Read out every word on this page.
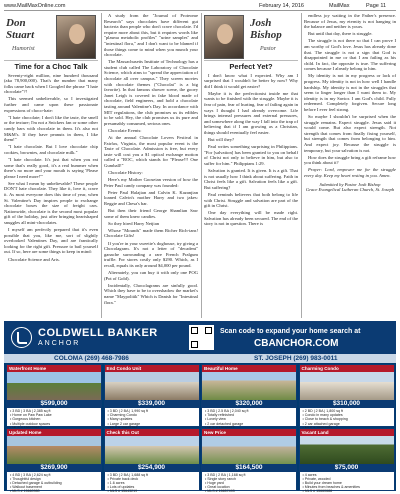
www.MailMaxOnline.com	February 14, 2016	MailMax	Page 11
Don Stuart
Humorist
Time for a Choc Talk

Seventy-eight million, nine hundred thousand (aka 78,900,000). That's the number that many folks came back when I Googled the phrase "I hate chocolate"?!

This seemed unbelievable, so I investigated further and came upon these passionate expressions of choco-hate:

"I hate chocolate; I don't like the taste, the smell or the texture; I'm not a Snickers fan or some other candy bars with chocolate in them. It's also not M&M's. If they have peanuts in them, I like them!"

"I hate chocolate. But I love chocolate chip cookies, brownies, and chocolate milk."

"I hate chocolate. It's just that when you eat some that's really good, it's a real bummer when there's no more and your mouth is saying 'Please please I need more!'"

See what I mean by unbelievable? These people DON'T hate chocolate. They like it, love it, crave it. As most everyone does this time of year, when St. Valentine's Day inspires people to exchange chocolate boxes the size of freight cars. Nationwide, chocolate is the second most popular gift of the holiday, just after bringing heartshaped snuggles all mini-chocolates.

I myself am perfectly prepared that it's even possible that you, like me, sort of slightly overlooked Valentines Day, and are frantically looking for the right gift. Pressure to bail yourself out. If so, here are some things to keep in mind:

Chocolate Science and Arts.

A study from the "Journal of Proteome Research" says chocolates have different gut bacteria than people who don't crave chocolate. I'd require more about this, but it requires words like "plasma metabolic profiles" "urine samples" and "intestinal flora," and I don't want to be blamed if those things come to mind when you munch your chocolate.

The Massachusetts Institute of Technology has a student club called The Laboratory of Chocolate Science, which aims to "spread the appreciation of chocolate all over campus." They screen movies with chocolate themes ("Chocolat" is a big favorite). In that famous shower scene, the gooey Janet Leigh is covered in fake blood made of chocolate, field engineers, and hold a chocolate tasting around Valentine's Day. In accordance with MIT regulations, the club promises us its edibles to be sold. Hey, the club promises us its pure and presumably consumed, serious ones.

Chocolate Events:

At the annual Chocolate Lovers Festival in Fairfax, Virginia, the most popular event is the Taste of Chocolate. Admission is free, but every taste will cost you a $1 optical exchange motion called a "ROC, which stands for "Please!!! One Gumball!"

Chocolate History:

Here's my Mother Gooseian version of how the Peter Paul candy company was founded:

Peter Paul Halajian and Calvin K. Kazanjian loaned Calvin's mother Harry and two jakes: Reggie and Chesa's bar.

But then their friend George Shamlian Saw some of them knew candies.

So they hired Harry Netjian

Whose "Mounds" made them Richer Rich-ians! Chocolate Gifts!

If you're in your sweetie's doghouse, try giving a Chocolagram. It's not a letter of "decadent" ganache surrounding a rare French Pralgum truffle. For stores costly only $290. Which, as I recall, equals its only around $4,000 per pound.

Alternately, you can buy it with only one POG (Pot of Gold).

Incidentally, Chocolagrams are sinfully good. Which they have to be to overshadow the market's name "Maypolitik" Which is Danish for "Intestinal flora."

Josh Bishop
Pastor
Perfect Yet?

I don't know what I expected. Why am I surprised that I wouldn't be better by now? Why did I think it would get easier?

Maybe it is the perfectionist inside me that wants to be finished with the struggle. Maybe it is fear of pain, fear of hurting, fear of failing again in ways I thought I had already overcome. Life brings internal pressures and external pressures, and somewhere along the way I fall into the trap of believing that if I am growing as a Christian, things should eventually feel easier.

But will they?

Paul writes something surprising in Philippians. "For [salvation] has been granted to you on behalf of Christ not only to believe in him, but also to suffer for him." Philippians 1:29.

Salvation is granted. It is given. It is a gift. That is not usually how I think about suffering. Faith in Christ feels like a gift. Salvation feels like a gift. But suffering?

Paul reminds believers that both belong to life with Christ. Struggle and salvation are part of the gift in Christ.

One day everything will be made right. Salvation has already been secured. The end of the story is not in question. There is

endless joy waiting in the Father's presence. Because of Jesus, my eternity is not hanging in the balance and neither is yours.

But until that day, there is struggle.

The struggle is not there so that I can prove I am worthy of God's love. Jesus has already done that. The struggle is not a sign that God is disappointed in me or that I am failing as his child. In fact, the opposite is true. The suffering comes because I already belong to him.

My identity is not in my progress or lack of progress. My identity is not in how well I handle hardship. My identity is not in the struggles that seem to linger longer than I want them to. My identity is in my Savior. I am God's child. Fully redeemed. Completely forgiven. Secure long before I ever feel strong.

So maybe I shouldn't be surprised when the struggle remains. Expect struggle. Jesus said it would come. But also expect strength. Not strength that comes from finally fixing yourself, but strength that comes from belonging to him. And expect joy. Because the struggle is temporary, but your salvation is not.

How does the struggle bring a gift reframe how you think about it?

Prayer: Lord, empower me for the struggle every day. Keep my heart resting in you. Amen.

Submitted by Pastor Josh Bishop
Grace Evangelical Lutheran Church, St. Joseph
COLDWELL BANKER
ANCHOR
Scan code to expand your home search at
CBANCHOR.COM
COLOMA (269) 468-7986	ST. JOSEPH (269) 983-0011
Waterfront Home
$599,000
• 3 BD | 3 BA | 2,385 sq ft
• Home on Paw Paw Lake
• Gorgeous kitchen
• Multiple outdoor spaces
•
End Condo Unit
$339,000
• 3 BD | 2 BA | 1,990 sq ft
• Charming Condo
• Many updates
• Large 2 car garage
•
Beautiful Home
$320,000
• 3 BD | 2.5 BA | 2,040 sq ft
• Totally refinished
• Lovely view
• 2 car detached garage
•
Charming Condo
$310,000
• 2 BD | 2 BA | 1,800 sq ft
• Condo in many updates
• Close to beach & shopping
• 2 car attached garage
•
Updated Home
$269,900
• 4 BD | 3 BA | 2,624 sq ft
• Thoughtful design
• Detached garage & outbuilding
• Walkout basement
• MLS # 15660980
Check this Out
$254,900
• 3 BD | 2 BA | 1,688 sq ft
• Private back deck
• 1.6 acres
• Lots of updates
• MLS # 15643219
New Price
$164,500
• 3 BD | 2 BA | 1,168 sq ft
• Single story ranch
• Huge yard
• Great location
• MLS # 15657493
Vacant Land
$75,000
• 4 acres
• Private, wooded
• Build your dream home
• Minutes from beaches & amenities
• MLS # 15660688
